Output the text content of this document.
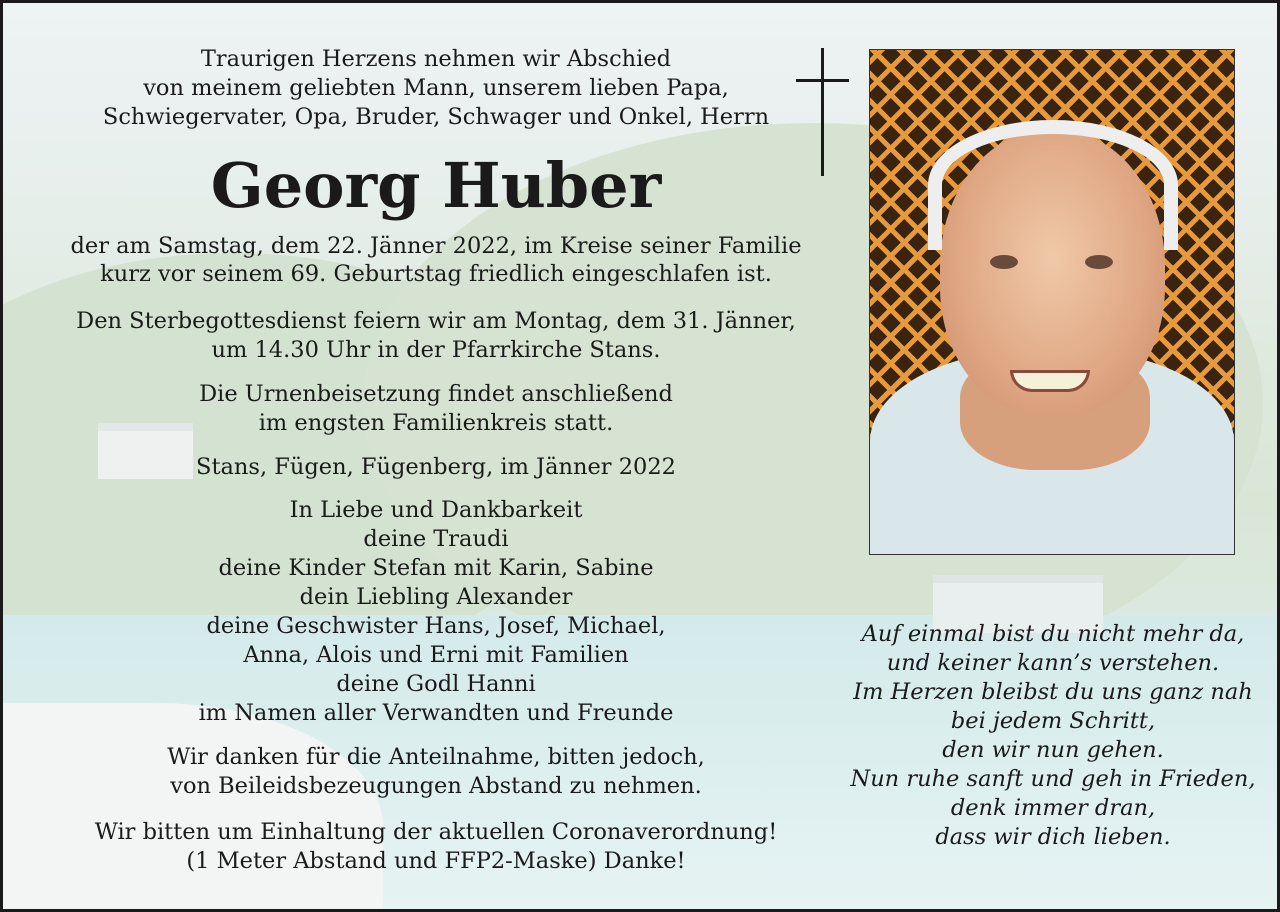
Traurigen Herzens nehmen wir Abschied
von meinem geliebten Mann, unserem lieben Papa,
Schwiegervater, Opa, Bruder, Schwager und Onkel, Herrn
Georg Huber
der am Samstag, dem 22. Jänner 2022, im Kreise seiner Familie
kurz vor seinem 69. Geburtstag friedlich eingeschlafen ist.
Den Sterbegottesdienst feiern wir am Montag, dem 31. Jänner,
um 14.30 Uhr in der Pfarrkirche Stans.
Die Urnenbeisetzung findet anschließend
im engsten Familienkreis statt.
Stans, Fügen, Fügenberg, im Jänner 2022
In Liebe und Dankbarkeit
deine Traudi
deine Kinder Stefan mit Karin, Sabine
dein Liebling Alexander
deine Geschwister Hans, Josef, Michael,
Anna, Alois und Erni mit Familien
deine Godl Hanni
im Namen aller Verwandten und Freunde
Wir danken für die Anteilnahme, bitten jedoch,
von Beileidsbezeugungen Abstand zu nehmen.
Wir bitten um Einhaltung der aktuellen Coronaverordnung!
(1 Meter Abstand und FFP2-Maske) Danke!
Auf einmal bist du nicht mehr da,
und keiner kann’s verstehen.
Im Herzen bleibst du uns ganz nah
bei jedem Schritt,
den wir nun gehen.
Nun ruhe sanft und geh in Frieden,
denk immer dran,
dass wir dich lieben.
